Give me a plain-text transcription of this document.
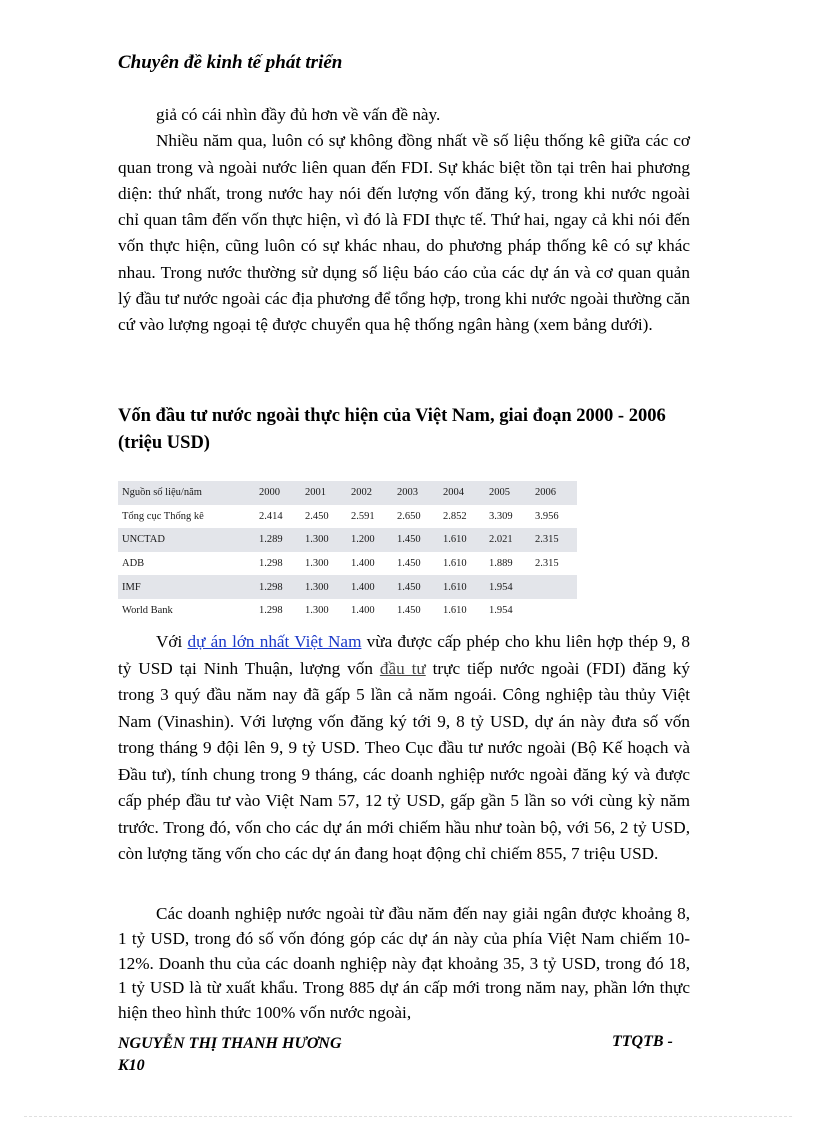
Chuyên đề kinh tế phát triển
giả có cái nhìn đầy đủ hơn về vấn đề này.

Nhiều năm qua, luôn có sự không đồng nhất về số liệu thống kê giữa các cơ quan trong và ngoài nước liên quan đến FDI. Sự khác biệt tồn tại trên hai phương diện: thứ nhất, trong nước hay nói đến lượng vốn đăng ký, trong khi nước ngoài chỉ quan tâm đến vốn thực hiện, vì đó là FDI thực tế. Thứ hai, ngay cả khi nói đến vốn thực hiện, cũng luôn có sự khác nhau, do phương pháp thống kê có sự khác nhau. Trong nước thường sử dụng số liệu báo cáo của các dự án và cơ quan quản lý đầu tư nước ngoài các địa phương để tổng hợp, trong khi nước ngoài thường căn cứ vào lượng ngoại tệ được chuyển qua hệ thống ngân hàng (xem bảng dưới).

Vốn đầu tư nước ngoài thực hiện của Việt Nam, giai đoạn 2000 - 2006 (triệu USD)
Nguồn số liệu/năm	2000	2001	2002	2003	2004	2005	2006
Tổng cục Thống kê	2.414	2.450	2.591	2.650	2.852	3.309	3.956
UNCTAD	1.289	1.300	1.200	1.450	1.610	2.021	2.315
ADB	1.298	1.300	1.400	1.450	1.610	1.889	2.315
IMF	1.298	1.300	1.400	1.450	1.610	1.954	
World Bank	1.298	1.300	1.400	1.450	1.610	1.954	

Với dự án lớn nhất Việt Nam vừa được cấp phép cho khu liên hợp thép 9, 8 tỷ USD tại Ninh Thuận, lượng vốn đầu tư trực tiếp nước ngoài (FDI) đăng ký trong 3 quý đầu năm nay đã gấp 5 lần cả năm ngoái. Công nghiệp tàu thủy Việt Nam (Vinashin). Với lượng vốn đăng ký tới 9, 8 tỷ USD, dự án này đưa số vốn trong tháng 9 đội lên 9, 9 tỷ USD. Theo Cục đầu tư nước ngoài (Bộ Kế hoạch và Đầu tư), tính chung trong 9 tháng, các doanh nghiệp nước ngoài đăng ký và được cấp phép đầu tư vào Việt Nam 57, 12 tỷ USD, gấp gần 5 lần so với cùng kỳ năm trước. Trong đó, vốn cho các dự án mới chiếm hầu như toàn bộ, với 56, 2 tỷ USD, còn lượng tăng vốn cho các dự án đang hoạt động chỉ chiếm 855, 7 triệu USD.

Các doanh nghiệp nước ngoài từ đầu năm đến nay giải ngân được khoảng 8, 1 tỷ USD, trong đó số vốn đóng góp các dự án này của phía Việt Nam chiếm 10-12%. Doanh thu của các doanh nghiệp này đạt khoảng 35, 3 tỷ USD, trong đó 18, 1 tỷ USD là từ xuất khẩu. Trong 885 dự án cấp mới trong năm nay, phần lớn thực hiện theo hình thức 100% vốn nước ngoài,

NGUYỄN THỊ THANH HƯƠNG
K10
TTQTB -
